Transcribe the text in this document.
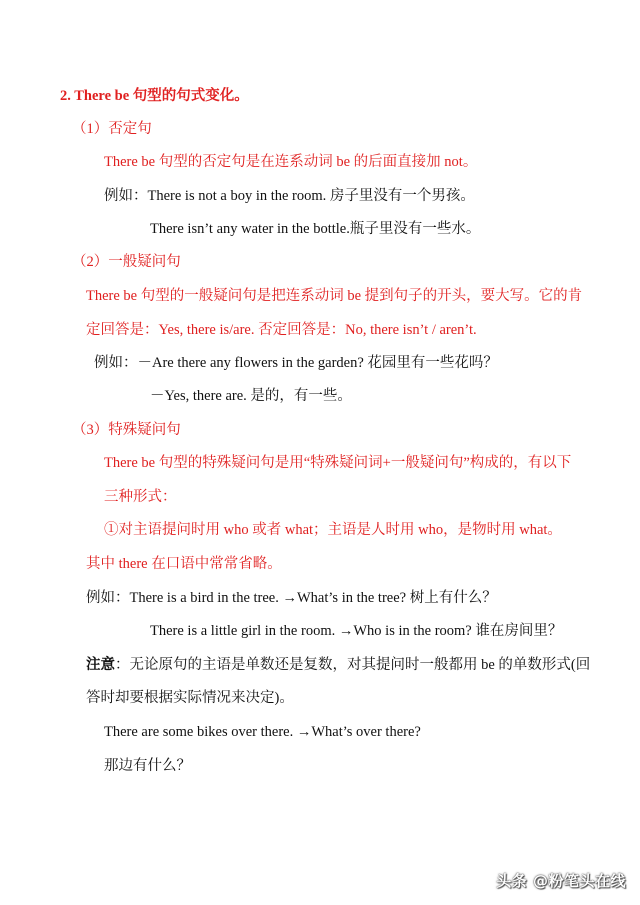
2. There be 句型的句式变化。
（1）否定句
There be 句型的否定句是在连系动词 be 的后面直接加 not。
例如：There is not a boy in the room. 房子里没有一个男孩。
There isn’t any water in the bottle.瓶子里没有一些水。
（2）一般疑问句
There be 句型的一般疑问句是把连系动词 be 提到句子的开头，要大写。它的肯
定回答是：Yes, there is/are. 否定回答是：No, there isn’t / aren’t.
例如：－Are there any flowers in the garden? 花园里有一些花吗？
－Yes, there are. 是的，有一些。
（3）特殊疑问句
There be 句型的特殊疑问句是用“特殊疑问词+一般疑问句”构成的，有以下
三种形式：
①对主语提问时用 who 或者 what；主语是人时用 who，是物时用 what。
其中 there 在口语中常常省略。
例如：There is a bird in the tree. →What’s in the tree? 树上有什么？
There is a little girl in the room. →Who is in the room? 谁在房间里？
注意：无论原句的主语是单数还是复数，对其提问时一般都用 be 的单数形式(回
答时却要根据实际情况来决定)。
There are some bikes over there. →What’s over there?
那边有什么？
头条 @粉笔头在线
